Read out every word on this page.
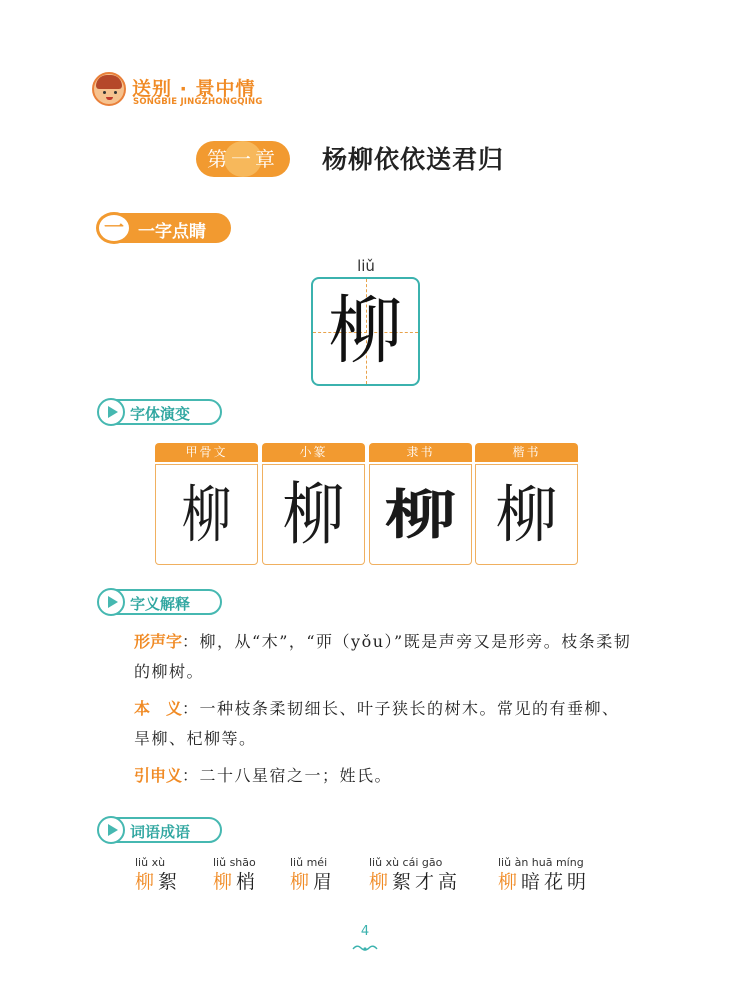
送别 · 景中情
SONGBIE JINGZHONGQING
第一章	杨柳依依送君归
一 一字点睛
liǔ
柳
字体演变
甲骨文
柳
小篆
柳
隶书
柳
楷书
柳
字义解释
形声字：柳，从“木”，“丣（yǒu）”既是声旁又是形旁。枝条柔韧的柳树。
本　义：一种枝条柔韧细长、叶子狭长的树木。常见的有垂柳、旱柳、杞柳等。
引申义：二十八星宿之一；姓氏。
词语成语
liǔ xù
柳絮
liǔ shāo
柳梢
liǔ méi
柳眉
liǔ xù cái gāo
柳絮才高
liǔ àn huā míng
柳暗花明
4
